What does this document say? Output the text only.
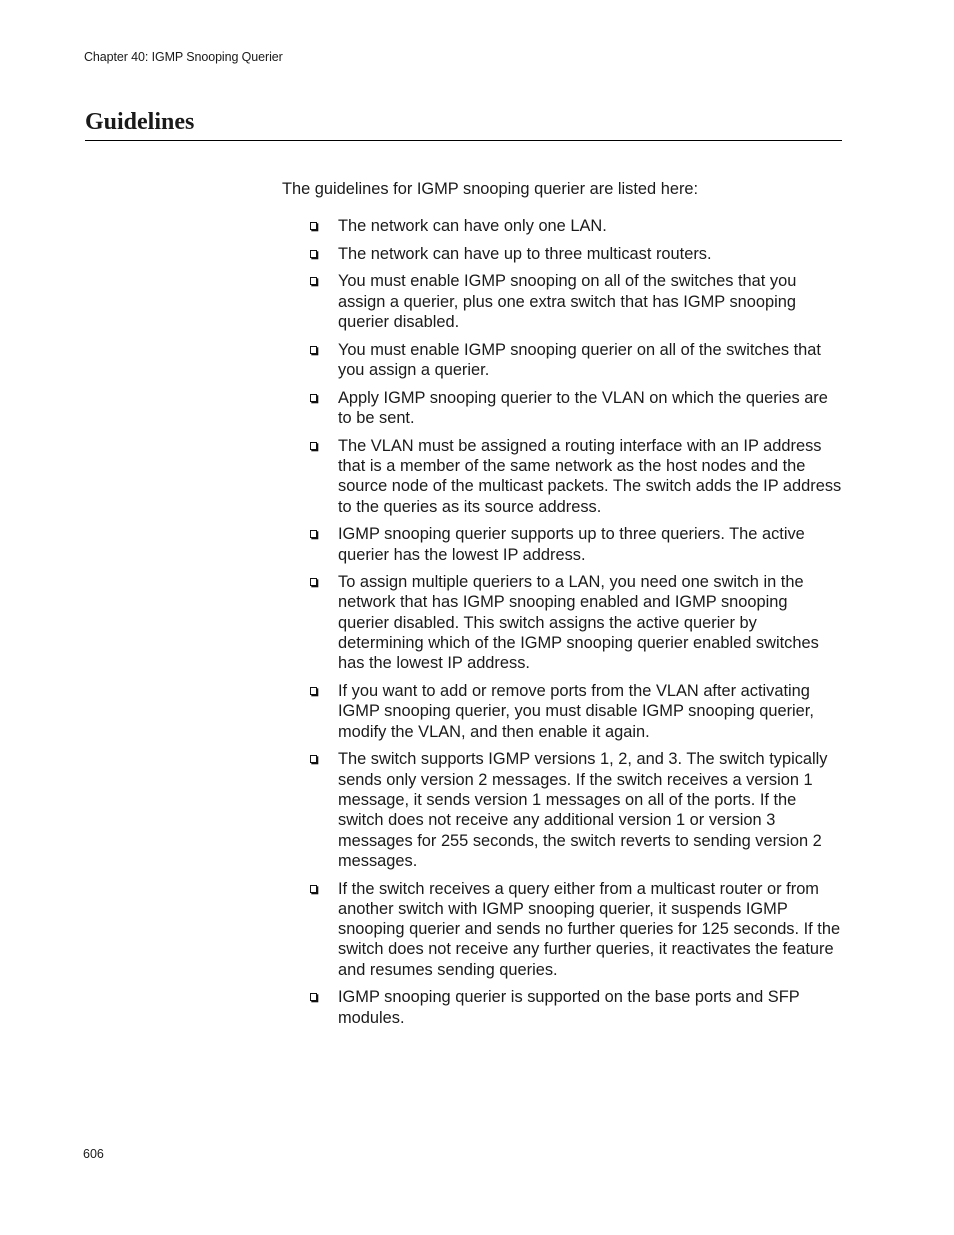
Chapter 40: IGMP Snooping Querier
Guidelines

The guidelines for IGMP snooping querier are listed here:

The network can have only one LAN.
The network can have up to three multicast routers.
You must enable IGMP snooping on all of the switches that you assign a querier, plus one extra switch that has IGMP snooping querier disabled.
You must enable IGMP snooping querier on all of the switches that you assign a querier.
Apply IGMP snooping querier to the VLAN on which the queries are to be sent.
The VLAN must be assigned a routing interface with an IP address that is a member of the same network as the host nodes and the source node of the multicast packets. The switch adds the IP address to the queries as its source address.
IGMP snooping querier supports up to three queriers. The active querier has the lowest IP address.
To assign multiple queriers to a LAN, you need one switch in the network that has IGMP snooping enabled and IGMP snooping querier disabled. This switch assigns the active querier by determining which of the IGMP snooping querier enabled switches has the lowest IP address.
If you want to add or remove ports from the VLAN after activating IGMP snooping querier, you must disable IGMP snooping querier, modify the VLAN, and then enable it again.
The switch supports IGMP versions 1, 2, and 3. The switch typically sends only version 2 messages. If the switch receives a version 1 message, it sends version 1 messages on all of the ports. If the switch does not receive any additional version 1 or version 3 messages for 255 seconds, the switch reverts to sending version 2 messages.
If the switch receives a query either from a multicast router or from another switch with IGMP snooping querier, it suspends IGMP snooping querier and sends no further queries for 125 seconds. If the switch does not receive any further queries, it reactivates the feature and resumes sending queries.
IGMP snooping querier is supported on the base ports and SFP modules.
606
